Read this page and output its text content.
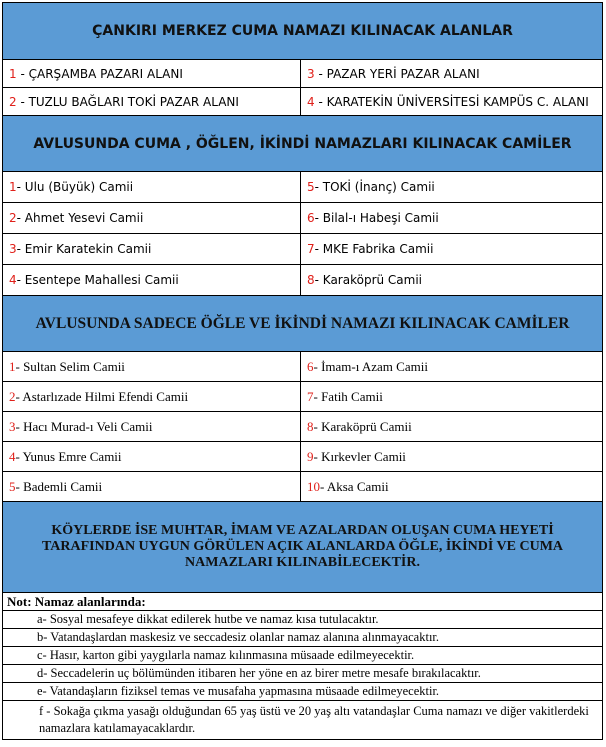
ÇANKIRI MERKEZ CUMA NAMAZI KILINACAK ALANLAR	
1 - ÇARŞAMBA PAZARI ALANI	3 - PAZAR YERİ PAZAR ALANI
2 - TUZLU BAĞLARI TOKİ PAZAR ALANI	4 - KARATEKİN ÜNİVERSİTESİ KAMPÜS C. ALANI
AVLUSUNDA CUMA , ÖĞLEN, İKİNDİ NAMAZLARI KILINACAK CAMİLER	
1- Ulu (Büyük) Camii	5- TOKİ (İnanç) Camii
2- Ahmet Yesevi Camii	6- Bilal-ı Habeşi Camii
3- Emir Karatekin Camii	7- MKE Fabrika Camii
4- Esentepe Mahallesi Camii	8- Karaköprü Camii
AVLUSUNDA SADECE ÖĞLE VE İKİNDİ NAMAZI KILINACAK CAMİLER	
1- Sultan Selim Camii	6- İmam-ı Azam Camii
2- Astarlızade Hilmi Efendi Camii	7- Fatih Camii
3- Hacı Murad-ı Veli Camii	8- Karaköprü Camii
4- Yunus Emre Camii	9- Kırkevler Camii
5- Bademli Camii	10- Aksa Camii
KÖYLERDE İSE MUHTAR, İMAM VE AZALARDAN OLUŞAN CUMA HEYETİ TARAFINDAN UYGUN GÖRÜLEN AÇIK ALANLARDA ÖĞLE, İKİNDİ VE CUMA NAMAZLARI KILINABİLECEKTİR.	
Not: Namaz alanlarında:	
a- Sosyal mesafeye dikkat edilerek hutbe ve namaz kısa tutulacaktır.	
b- Vatandaşlardan maskesiz ve seccadesiz olanlar namaz alanına alınmayacaktır.	
c- Hasır, karton gibi yaygılarla namaz kılınmasına müsaade edilmeyecektir.	
d- Seccadelerin uç bölümünden itibaren her yöne en az birer metre mesafe bırakılacaktır.	
e- Vatandaşların fiziksel temas ve musafaha yapmasına müsaade edilmeyecektir.	
f - Sokağa çıkma yasağı olduğundan 65 yaş üstü ve 20 yaş altı vatandaşlar Cuma namazı ve diğer vakitlerdeki namazlara katılamayacaklardır.	
